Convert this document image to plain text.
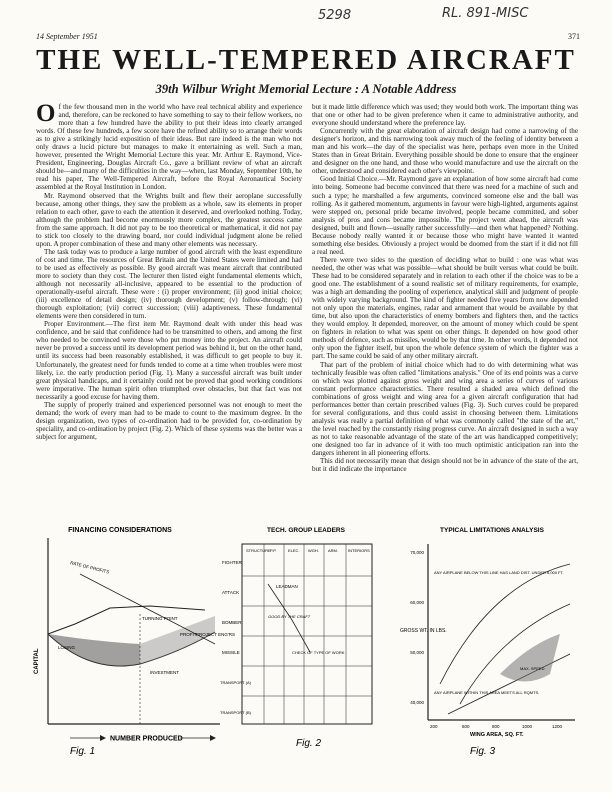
14 September 1951	371
5298	RL. 891-MISC
THE WELL-TEMPERED AIRCRAFT
39th Wilbur Wright Memorial Lecture : A Notable Address

Of the few thousand men in the world who have real technical ability and experience and, therefore, can be reckoned to have something to say to their fellow workers, no more than a few hundred have the ability to put their ideas into clearly arranged words. Of these few hundreds, a few score have the refined ability so to arrange their words as to give a strikingly lucid exposition of their ideas. But rare indeed is the man who not only draws a lucid picture but manages to make it entertaining as well. Such a man, however, presented the Wright Memorial Lecture this year. Mr. Arthur E. Raymond, Vice-President, Engineering, Douglas Aircraft Co., gave a brilliant review of what an aircraft should be—and many of the difficulties in the way—when, last Monday, September 10th, he read his paper, The Well-Tempered Aircraft, before the Royal Aeronautical Society assembled at the Royal Institution in London.

Mr. Raymond observed that the Wrights built and flew their aeroplane successfully because, among other things, they saw the problem as a whole, saw its elements in proper relation to each other, gave to each the attention it deserved, and overlooked nothing. Today, although the problem had become enormously more complex, the greatest success came from the same approach. It did not pay to be too theoretical or mathematical, it did not pay to stick too closely to the drawing board, nor could individual judgment alone be relied upon. A proper combination of these and many other elements was necessary.

The task today was to produce a large number of good aircraft with the least expenditure of cost and time. The resources of Great Britain and the United States were limited and had to be used as effectively as possible. By good aircraft was meant aircraft that contributed more to society than they cost. The lecturer then listed eight fundamental elements which, although not necessarily all-inclusive, appeared to be essential to the production of operationally-useful aircraft. These were : (i) proper environment; (ii) good initial choice; (iii) excellence of detail design; (iv) thorough development; (v) follow-through; (vi) thorough exploitation; (vii) correct succession; (viii) adaptiveness. These fundamental elements were then considered in turn.

Proper Environment.—The first item Mr. Raymond dealt with under this head was confidence, and he said that confidence had to be transmitted to others, and among the first who needed to be convinced were those who put money into the project. An aircraft could never be proved a success until its development period was behind it, but on the other hand, until its success had been reasonably established, it was difficult to get people to buy it. Unfortunately, the greatest need for funds tended to come at a time when troubles were most likely, i.e. the early production period (Fig. 1). Many a successful aircraft was built under great physical handicaps, and it certainly could not be proved that good working conditions were imperative. The human spirit often triumphed over obstacles, but that fact was not necessarily a good excuse for having them.

The supply of properly trained and experienced personnel was not enough to meet the demand; the work of every man had to be made to count to the maximum degree. In the design organization, two types of co-ordination had to be provided for, co-ordination by speciality, and co-ordination by project (Fig. 2). Which of these systems was the better was a subject for argument,

but it made little difference which was used; they would both work. The important thing was that one or other had to be given preference when it came to administrative authority, and everyone should understand where the preference lay.

Concurrently with the great elaboration of aircraft design had come a narrowing of the designer's horizon, and this narrowing took away much of the feeling of identity between a man and his work—the day of the specialist was here, perhaps even more in the United States than in Great Britain. Everything possible should be done to ensure that the engineer and designer on the one hand, and those who would manufacture and use the aircraft on the other, understood and considered each other's viewpoint.

Good Initial Choice.—Mr. Raymond gave an explanation of how some aircraft had come into being. Someone had become convinced that there was need for a machine of such and such a type; he marshalled a few arguments, convinced someone else and the ball was rolling. As it gathered momentum, arguments in favour were high-lighted, arguments against were stepped on, personal pride became involved, people became committed, and sober analysis of pros and cons became impossible. The project went ahead, the aircraft was designed, built and flown—usually rather successfully—and then what happened? Nothing. Because nobody really wanted it or because those who might have wanted it wanted something else besides. Obviously a project would be doomed from the start if it did not fill a real need.

There were two sides to the question of deciding what to build : one was what was needed, the other was what was possible—what should be built versus what could be built. These had to be considered separately and in relation to each other if the choice was to be a good one. The establishment of a sound realistic set of military requirements, for example, was a high art demanding the pooling of experience, analytical skill and judgment of people with widely varying background. The kind of fighter needed five years from now depended not only upon the materials, engines, radar and armament that would be available by that time, but also upon the characteristics of enemy bombers and fighters then, and the tactics they would employ. It depended, moreover, on the amount of money which could be spent on fighters in relation to what was spent on other things. It depended on how good other methods of defence, such as missiles, would be by that time. In other words, it depended not only upon the fighter itself, but upon the whole defence system of which the fighter was a part. The same could be said of any other military aircraft.

That part of the problem of initial choice which had to do with determining what was technically feasible was often called "limitations analysis." One of its end points was a curve on which was plotted against gross weight and wing area a series of curves of various constant performance characteristics. There resulted a shaded area which defined the combinations of gross weight and wing area for a given aircraft configuration that had performances better than certain prescribed values (Fig. 3). Such curves could be prepared for several configurations, and thus could assist in choosing between them. Limitations analysis was really a partial definition of what was commonly called "the state of the art," the level reached by the constantly rising progress curve. An aircraft designed in such a way as not to take reasonable advantage of the state of the art was handicapped competitively; one designed too far in advance of it with too much optimistic anticipation ran into the dangers inherent in all pioneering efforts.

This did not necessarily mean that design should not be in advance of the state of the art, but it did indicate the importance

FINANCING CONSIDERATIONS
RATE OF PROFITS
LOSING
TURNING POINT
PROFIT
INVESTMENT
CAPITAL
NUMBER PRODUCED
Fig. 1
TECH. GROUP LEADERS
STRUCTURE P.P.	ELEC. WGH. ARM.	INTERIORS
FIGHTER
ATTACK
BOMBER
MISSILE
TRANSPORT (A)
TRANSPORT (B)
PROJECT ENG'RS
LEADMAN
GOOD BY THE CRAFT
CHECK OF TYPE OF WORK
Fig. 2
TYPICAL LIMITATIONS ANALYSIS
70,000
60,000
50,000
40,000
GROSS WT. IN LBS.
200	600	800	1000	1200
WING AREA, SQ. FT.
ANY AIRPLANE BELOW THIS LINE HAS LAND DIST. UNDER 6,000 FT.
MAX. SPEED
ANY AIRPLANE WITHIN THIS AREA MEETS ALL RQMTS.
Fig. 3
